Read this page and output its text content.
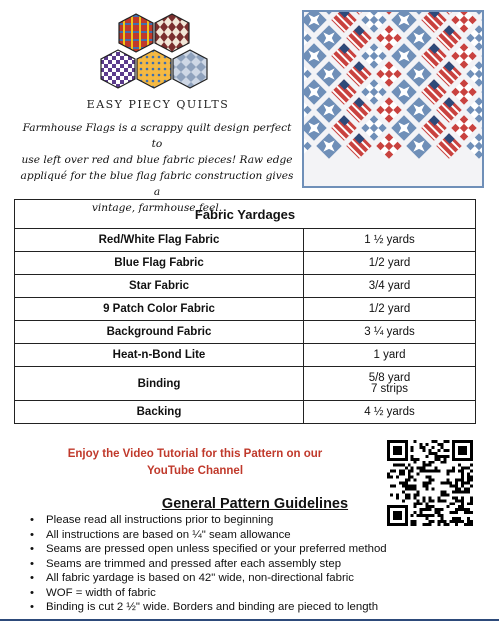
EASY PIECY QUILTS
Farmhouse Flags is a scrappy quilt design perfect to
use left over red and blue fabric pieces! Raw edge
appliqué for the blue flag fabric construction gives a
vintage, farmhouse feel.
Fabric Yardages	
Red/White Flag Fabric	1 ½ yards
Blue Flag Fabric	1/2 yard
Star Fabric	3/4 yard
9 Patch Color Fabric	1/2 yard
Background Fabric	3 ¼ yards
Heat-n-Bond Lite	1 yard
Binding	5/8 yard
7 strips

Backing	4 ½ yards
Enjoy the Video Tutorial for this Pattern on our
YouTube Channel
General Pattern Guidelines
• Please read all instructions prior to beginning
• All instructions are based on ¼" seam allowance
• Seams are pressed open unless specified or your preferred method
• Seams are trimmed and pressed after each assembly step
• All fabric yardage is based on 42" wide, non-directional fabric
• WOF = width of fabric
• Binding is cut 2 ½" wide. Borders and binding are pieced to length
